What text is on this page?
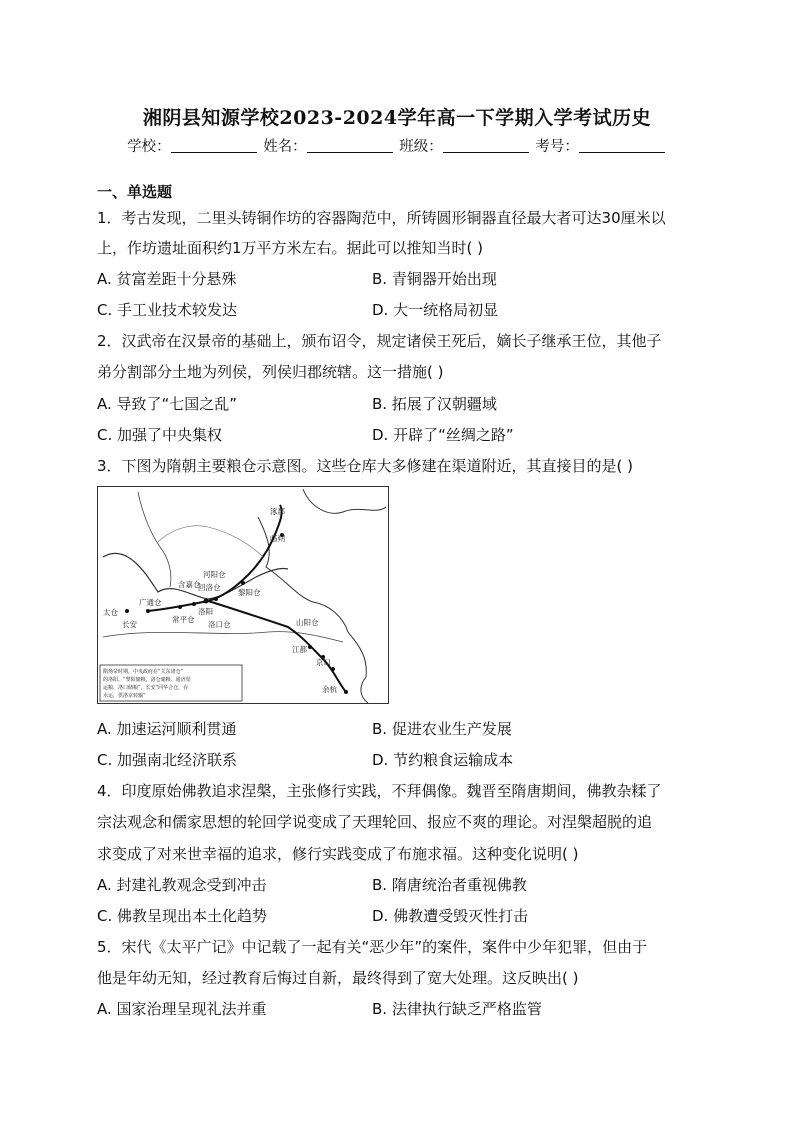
湘阴县知源学校2023-2024学年高一下学期入学考试历史
学校：	姓名：	班级：	考号：
一、单选题
1．考古发现，二里头铸铜作坊的容器陶范中，所铸圆形铜器直径最大者可达30厘米以
上，作坊遗址面积约1万平方米左右。据此可以推知当时( )
A. 贫富差距十分悬殊	B. 青铜器开始出现
C. 手工业技术较发达	D. 大一统格局初显
2．汉武帝在汉景帝的基础上，颁布诏令，规定诸侯王死后，嫡长子继承王位，其他子
弟分割部分土地为列侯，列侯归郡统辖。这一措施( )
A. 导致了“七国之乱”	B. 拓展了汉朝疆域
C. 加强了中央集权	D. 开辟了“丝绸之路”
3．下图为隋朝主要粮仓示意图。这些仓库大多修建在渠道附近，其直接目的是( )
涿郡
临朔
太仓
广通仓
长安
含嘉仓
河阳仓
回洛仓
常平仓
洛阳
洛口仓
黎阳仓
山阳仓
江都
京口
余杭
隋炀帝时期，中央政府在“关东诸仓”
的洛阳、“黎阳储粮、洛仓储粮、通济渠
运粮、洛口储粮”，长安“同华合仓，在
水运，供洛京转输”
A. 加速运河顺利贯通	B. 促进农业生产发展
C. 加强南北经济联系	D. 节约粮食运输成本
4．印度原始佛教追求涅槃，主张修行实践，不拜偶像。魏晋至隋唐期间，佛教杂糅了
宗法观念和儒家思想的轮回学说变成了天理轮回、报应不爽的理论。对涅槃超脱的追
求变成了对来世幸福的追求，修行实践变成了布施求福。这种变化说明( )
A. 封建礼教观念受到冲击	B. 隋唐统治者重视佛教
C. 佛教呈现出本土化趋势	D. 佛教遭受毁灭性打击
5．宋代《太平广记》中记载了一起有关“恶少年”的案件，案件中少年犯罪，但由于
他是年幼无知，经过教育后悔过自新，最终得到了宽大处理。这反映出( )
A. 国家治理呈现礼法并重	B. 法律执行缺乏严格监管
